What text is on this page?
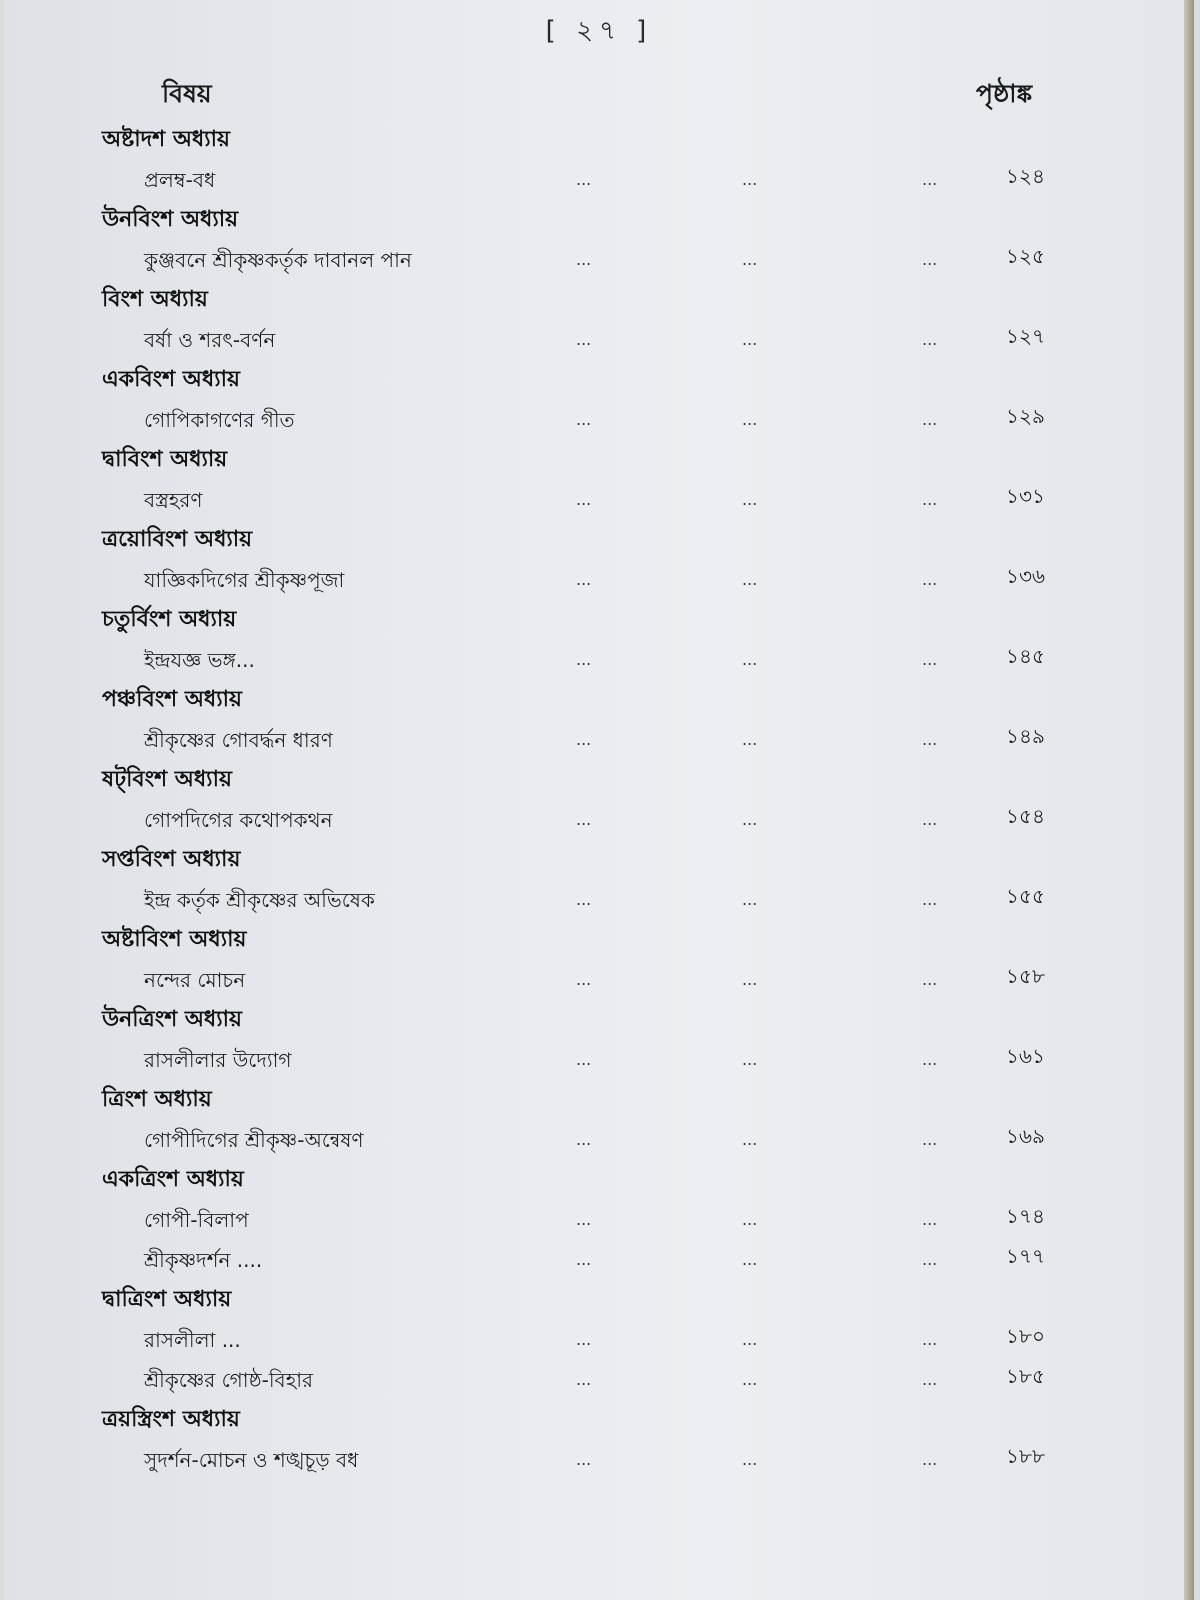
[ ২৭ ]
বিষয়	পৃষ্ঠাঙ্ক
অষ্টাদশ অধ্যায়
প্রলম্ব-বধ	...	...	...	১২৪
উনবিংশ অধ্যায়
কুঞ্জবনে শ্রীকৃষ্ণকর্তৃক দাবানল পান	...	...	...	১২৫
বিংশ অধ্যায়
বর্ষা ও শরৎ-বর্ণন	...	...	...	১২৭
একবিংশ অধ্যায়
গোপিকাগণের গীত	...	...	...	১২৯
দ্বাবিংশ অধ্যায়
বস্ত্রহরণ	...	...	...	১৩১
ত্রয়োবিংশ অধ্যায়
যাজ্ঞিকদিগের শ্রীকৃষ্ণপূজা	...	...	...	১৩৬
চতুর্বিংশ অধ্যায়
ইন্দ্রযজ্ঞ ভঙ্গ...	...	...	...	১৪৫
পঞ্চবিংশ অধ্যায়
শ্রীকৃষ্ণের গোবর্দ্ধন ধারণ	...	...	...	১৪৯
ষট্‌বিংশ অধ্যায়
গোপদিগের কথোপকথন	...	...	...	১৫৪
সপ্তবিংশ অধ্যায়
ইন্দ্র কর্তৃক শ্রীকৃষ্ণের অভিষেক	...	...	...	১৫৫
অষ্টাবিংশ অধ্যায়
নন্দের মোচন	...	...	...	১৫৮
উনত্রিংশ অধ্যায়
রাসলীলার উদ্যোগ	...	...	...	১৬১
ত্রিংশ অধ্যায়
গোপীদিগের শ্রীকৃষ্ণ-অন্বেষণ	...	...	...	১৬৯
একত্রিংশ অধ্যায়
গোপী-বিলাপ	...	...	...	১৭৪
শ্রীকৃষ্ণদর্শন ....	...	...	...	১৭৭
দ্বাত্রিংশ অধ্যায়
রাসলীলা ...	...	...	...	১৮০
শ্রীকৃষ্ণের গোষ্ঠ-বিহার	...	...	...	১৮৫
ত্রয়স্ত্রিংশ অধ্যায়
সুদর্শন-মোচন ও শঙ্খচূড় বধ	...	...	...	১৮৮
